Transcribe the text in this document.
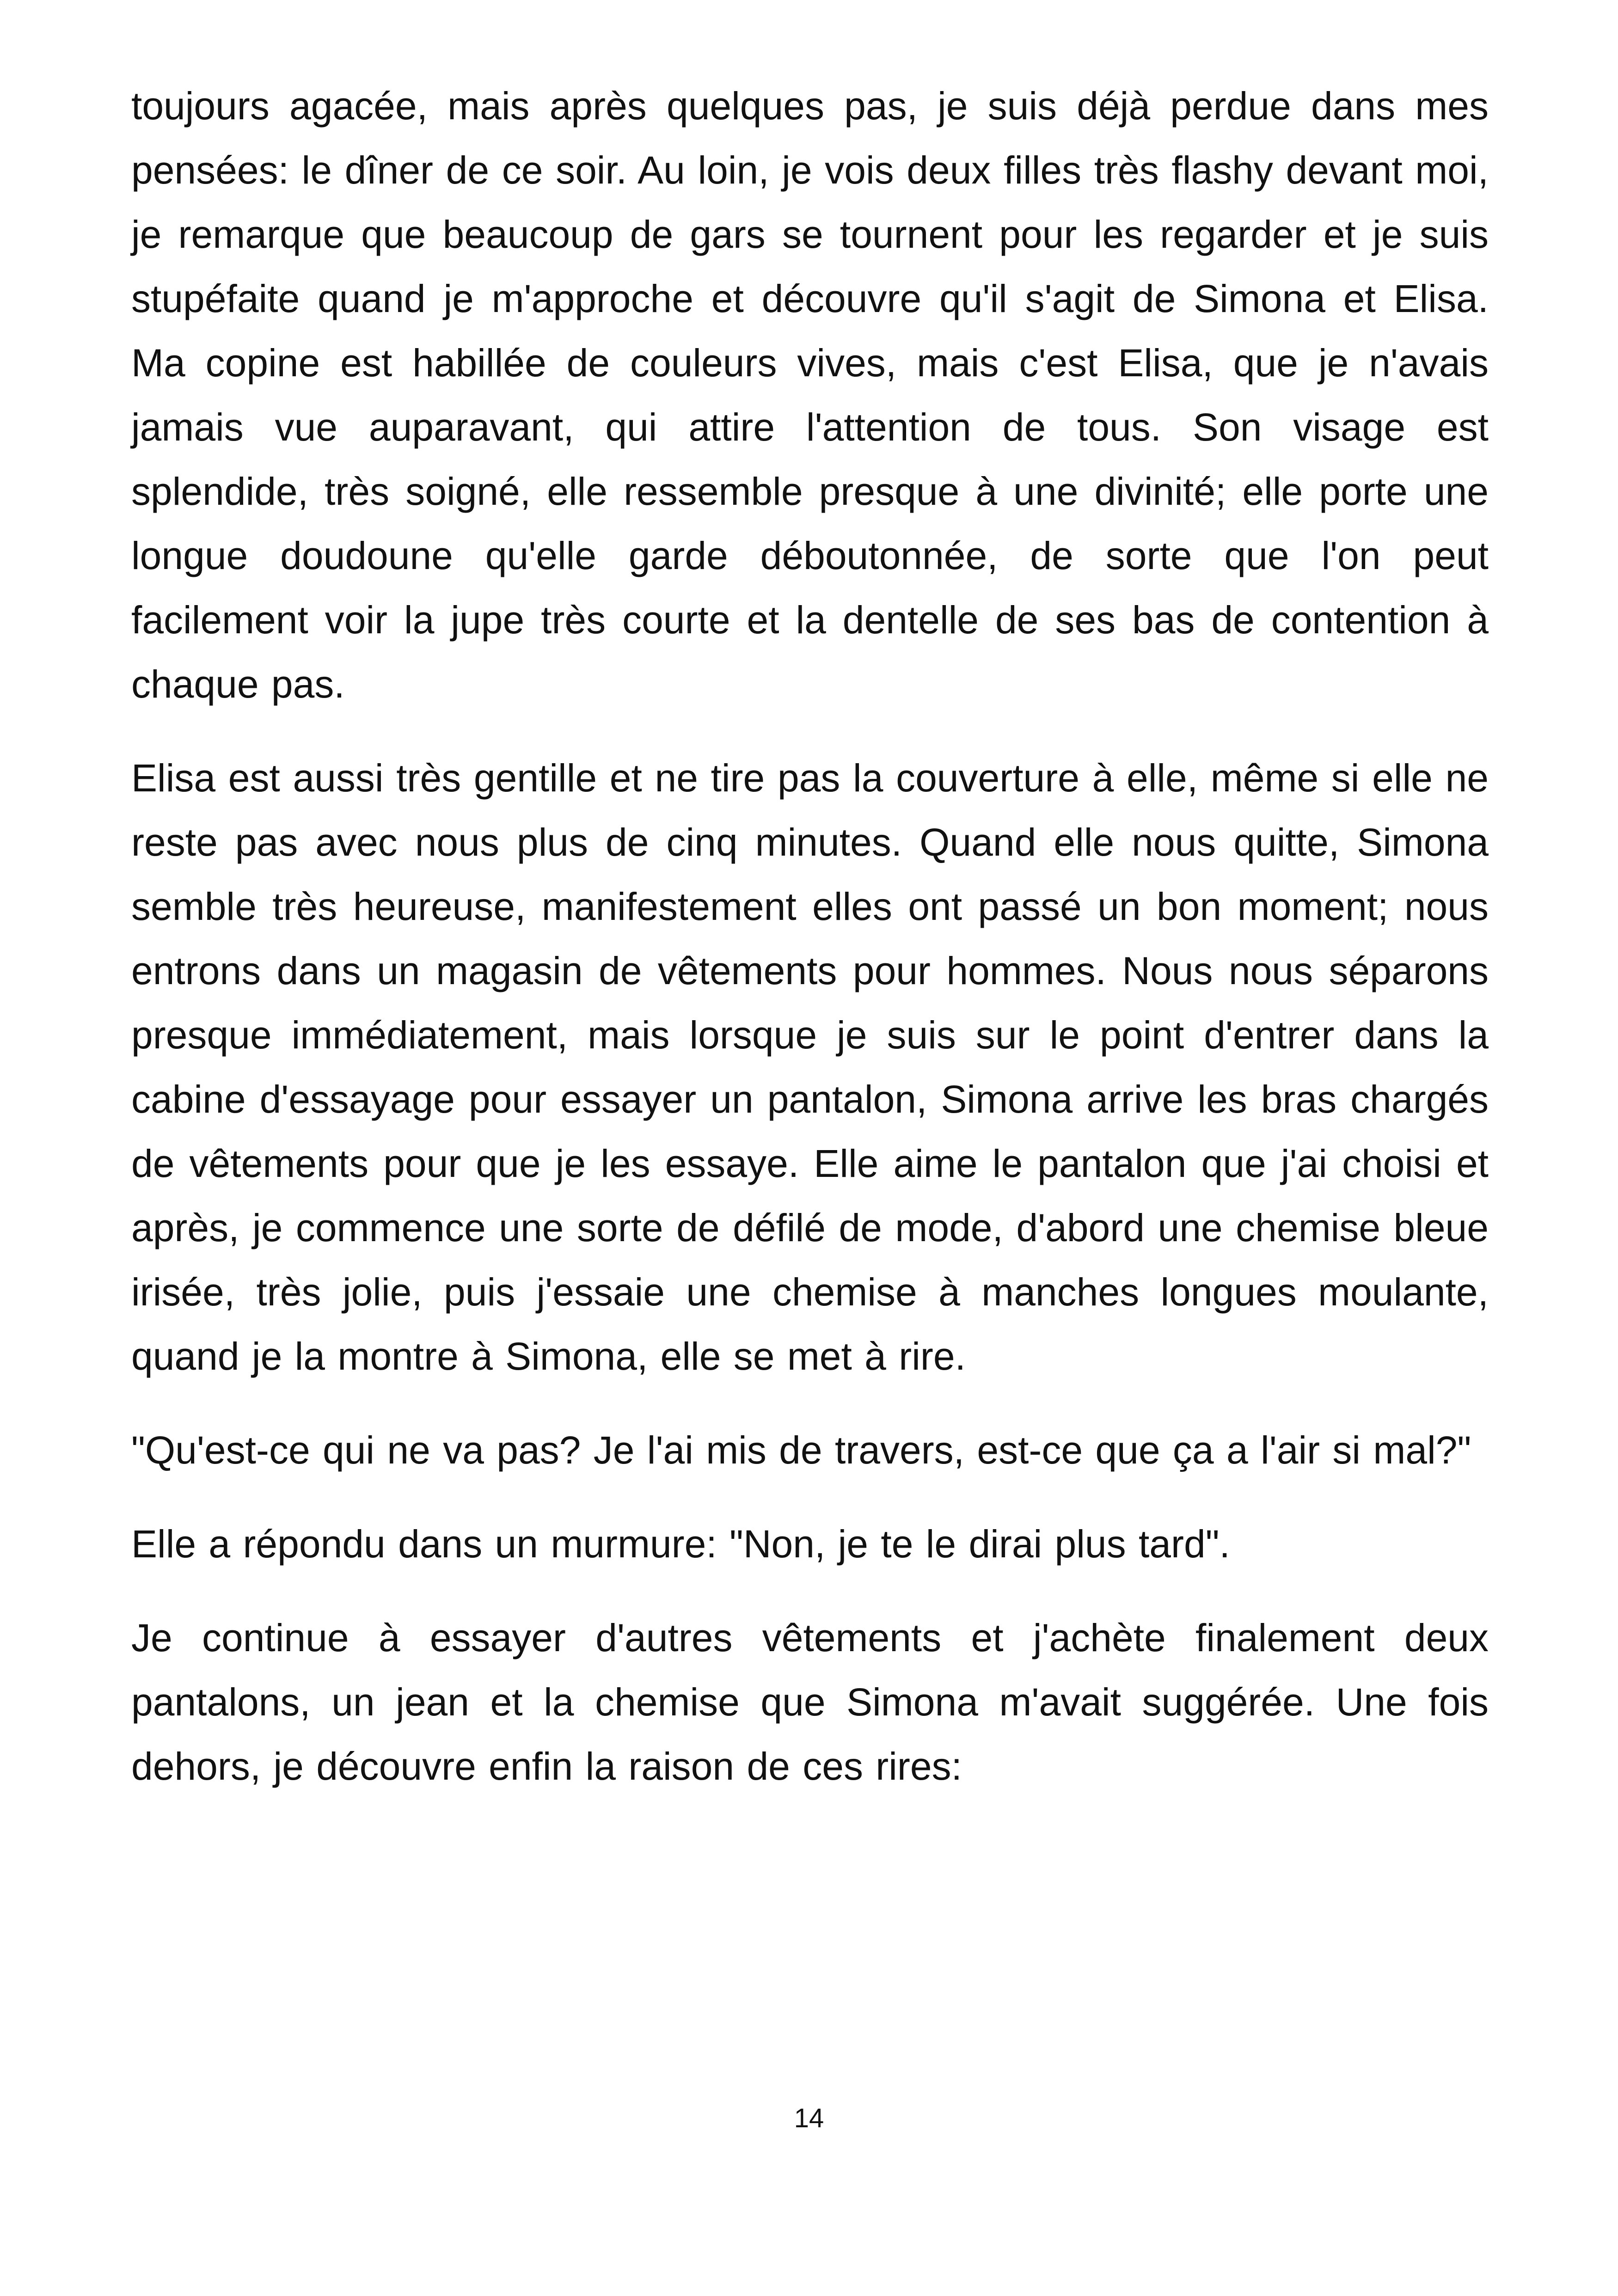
toujours agacée, mais après quelques pas, je suis déjà perdue dans mes pensées: le dîner de ce soir. Au loin, je vois deux filles très flashy devant moi, je remarque que beaucoup de gars se tournent pour les regarder et je suis stupéfaite quand je m'approche et découvre qu'il s'agit de Simona et Elisa. Ma copine est habillée de couleurs vives, mais c'est Elisa, que je n'avais jamais vue auparavant, qui attire l'attention de tous. Son visage est splendide, très soigné, elle ressemble presque à une divinité; elle porte une longue doudoune qu'elle garde déboutonnée, de sorte que l'on peut facilement voir la jupe très courte et la dentelle de ses bas de contention à chaque pas.

Elisa est aussi très gentille et ne tire pas la couverture à elle, même si elle ne reste pas avec nous plus de cinq minutes. Quand elle nous quitte, Simona semble très heureuse, manifestement elles ont passé un bon moment; nous entrons dans un magasin de vêtements pour hommes. Nous nous séparons presque immédiatement, mais lorsque je suis sur le point d'entrer dans la cabine d'essayage pour essayer un pantalon, Simona arrive les bras chargés de vêtements pour que je les essaye. Elle aime le pantalon que j'ai choisi et après, je commence une sorte de défilé de mode, d'abord une chemise bleue irisée, très jolie, puis j'essaie une chemise à manches longues moulante, quand je la montre à Simona, elle se met à rire.

"Qu'est-ce qui ne va pas? Je l'ai mis de travers, est-ce que ça a l'air si mal?"

Elle a répondu dans un murmure: "Non, je te le dirai plus tard".

Je continue à essayer d'autres vêtements et j'achète finalement deux pantalons, un jean et la chemise que Simona m'avait suggérée. Une fois dehors, je découvre enfin la raison de ces rires:

14
